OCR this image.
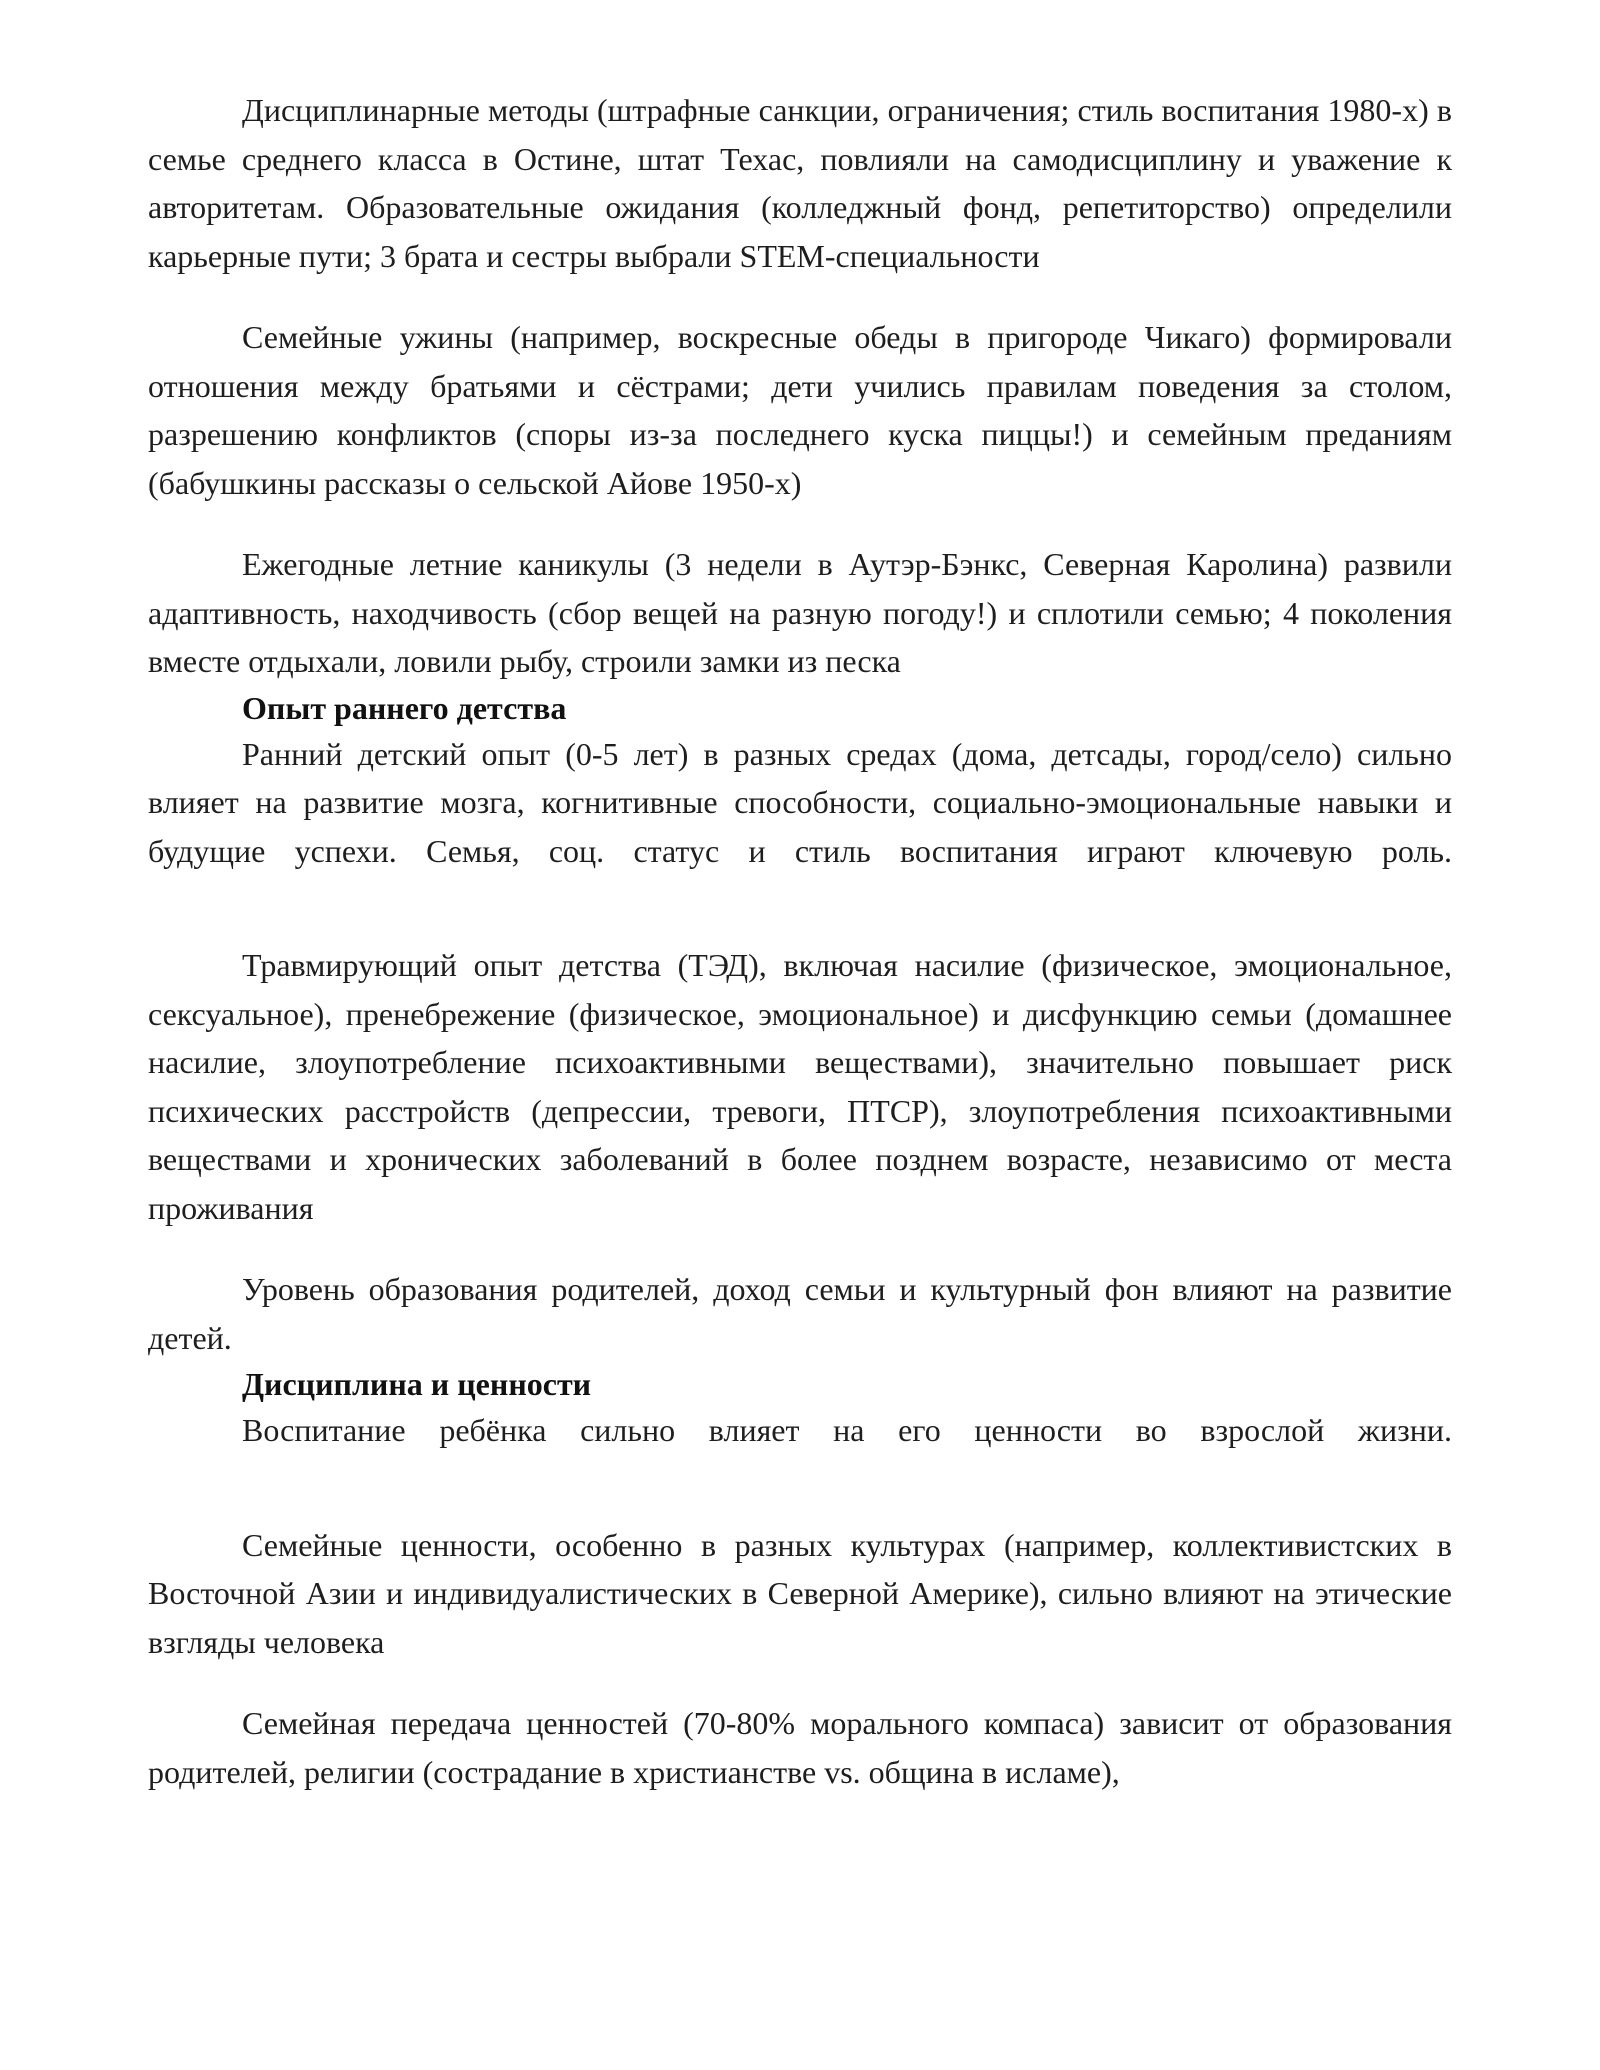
Дисциплинарные методы (штрафные санкции, ограничения; стиль воспитания 1980-х) в семье среднего класса в Остине, штат Техас, повлияли на самодисциплину и уважение к авторитетам. Образовательные ожидания (колледжный фонд, репетиторство) определили карьерные пути; 3 брата и сестры выбрали STEM-специальности

Семейные ужины (например, воскресные обеды в пригороде Чикаго) формировали отношения между братьями и сёстрами; дети учились правилам поведения за столом, разрешению конфликтов (споры из-за последнего куска пиццы!) и семейным преданиям (бабушкины рассказы о сельской Айове 1950-х)

Ежегодные летние каникулы (3 недели в Аутэр-Бэнкс, Северная Каролина) развили адаптивность, находчивость (сбор вещей на разную погоду!) и сплотили семью; 4 поколения вместе отдыхали, ловили рыбу, строили замки из песка

Опыт раннего детства

Ранний детский опыт (0-5 лет) в разных средах (дома, детсады, город/село) сильно влияет на развитие мозга, когнитивные способности, социально-эмоциональные навыки и будущие успехи. Семья, соц. статус и стиль воспитания играют ключевую роль.

Травмирующий опыт детства (ТЭД), включая насилие (физическое, эмоциональное, сексуальное), пренебрежение (физическое, эмоциональное) и дисфункцию семьи (домашнее насилие, злоупотребление психоактивными веществами), значительно повышает риск психических расстройств (депрессии, тревоги, ПТСР), злоупотребления психоактивными веществами и хронических заболеваний в более позднем возрасте, независимо от места проживания

Уровень образования родителей, доход семьи и культурный фон влияют на развитие детей.

Дисциплина и ценности

Воспитание ребёнка сильно влияет на его ценности во взрослой жизни.

Семейные ценности, особенно в разных культурах (например, коллективистских в Восточной Азии и индивидуалистических в Северной Америке), сильно влияют на этические взгляды человека

Семейная передача ценностей (70-80% морального компаса) зависит от образования родителей, религии (сострадание в христианстве vs. община в исламе),
